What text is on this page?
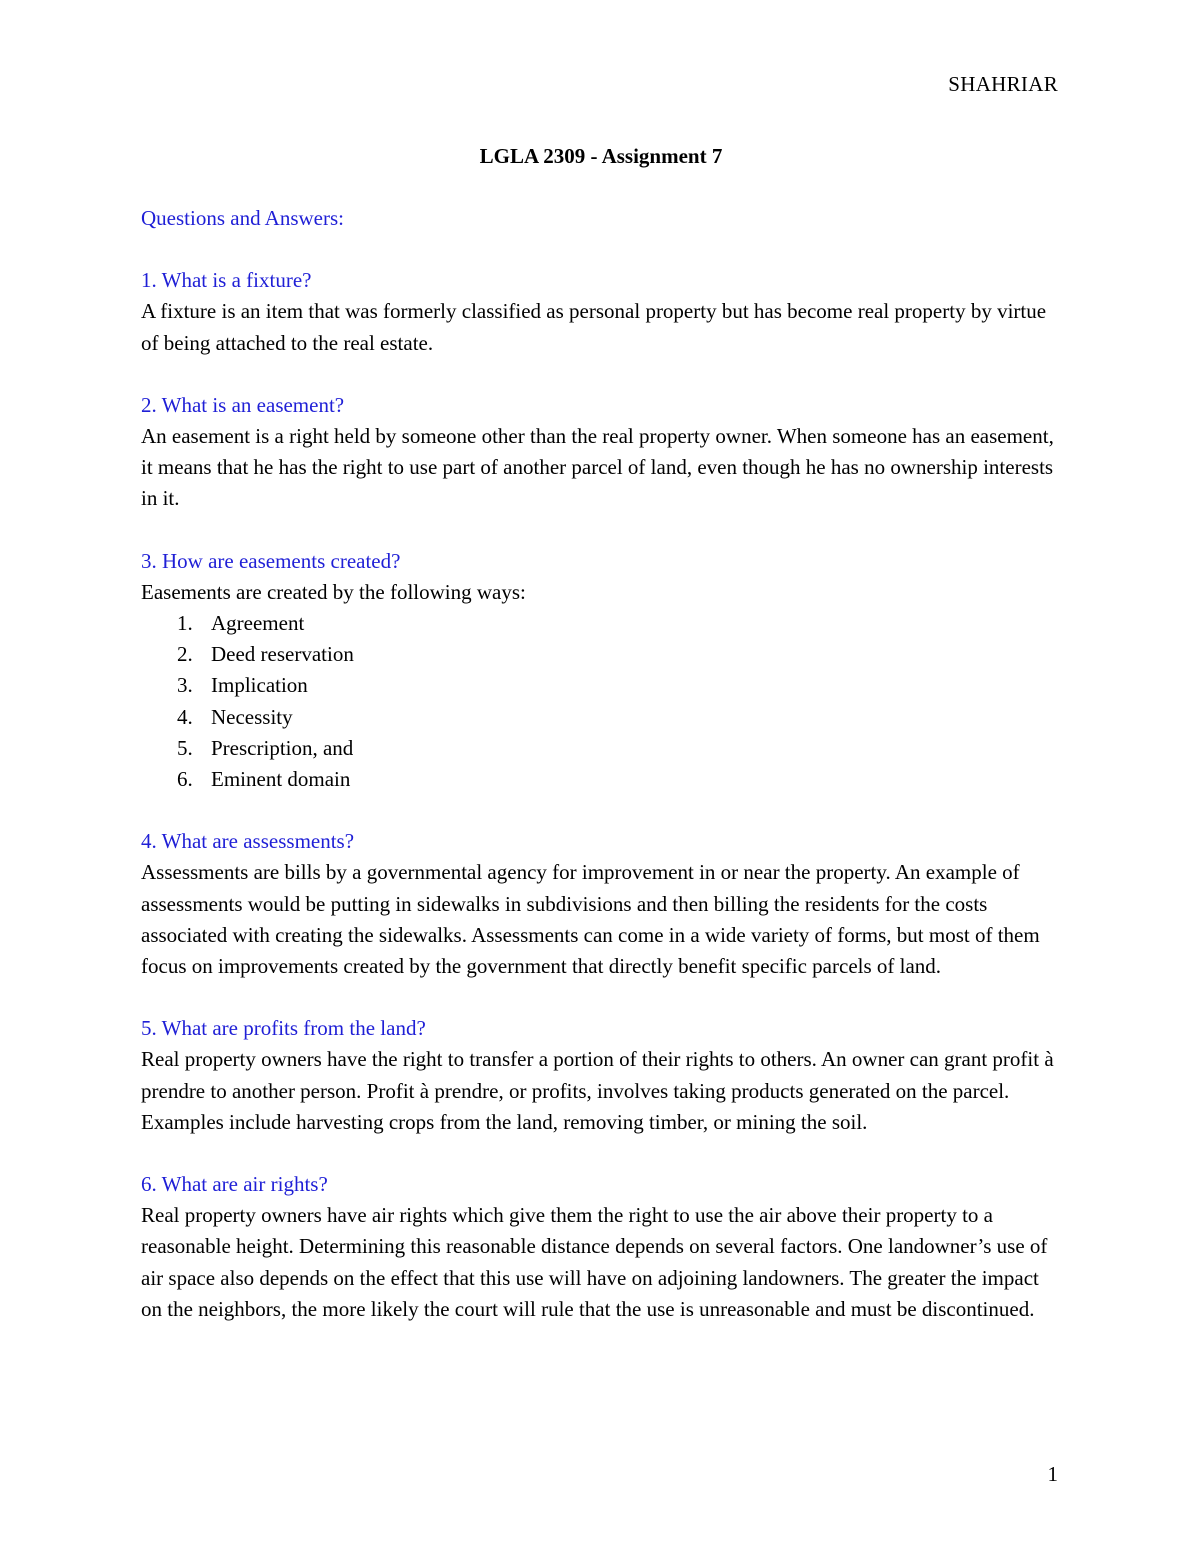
SHAHRIAR
LGLA 2309 - Assignment 7
Questions and Answers:
1. What is a fixture?
A fixture is an item that was formerly classified as personal property but has become real property by virtue of being attached to the real estate.
2. What is an easement?
An easement is a right held by someone other than the real property owner. When someone has an easement, it means that he has the right to use part of another parcel of land, even though he has no ownership interests in it.
3. How are easements created?
Easements are created by the following ways:
1. Agreement
2. Deed reservation
3. Implication
4. Necessity
5. Prescription, and
6. Eminent domain
4. What are assessments?
Assessments are bills by a governmental agency for improvement in or near the property. An example of assessments would be putting in sidewalks in subdivisions and then billing the residents for the costs associated with creating the sidewalks. Assessments can come in a wide variety of forms, but most of them focus on improvements created by the government that directly benefit specific parcels of land.
5. What are profits from the land?
Real property owners have the right to transfer a portion of their rights to others. An owner can grant profit à prendre to another person. Profit à prendre, or profits, involves taking products generated on the parcel. Examples include harvesting crops from the land, removing timber, or mining the soil.
6. What are air rights?
Real property owners have air rights which give them the right to use the air above their property to a reasonable height. Determining this reasonable distance depends on several factors. One landowner’s use of air space also depends on the effect that this use will have on adjoining landowners. The greater the impact on the neighbors, the more likely the court will rule that the use is unreasonable and must be discontinued.
1
